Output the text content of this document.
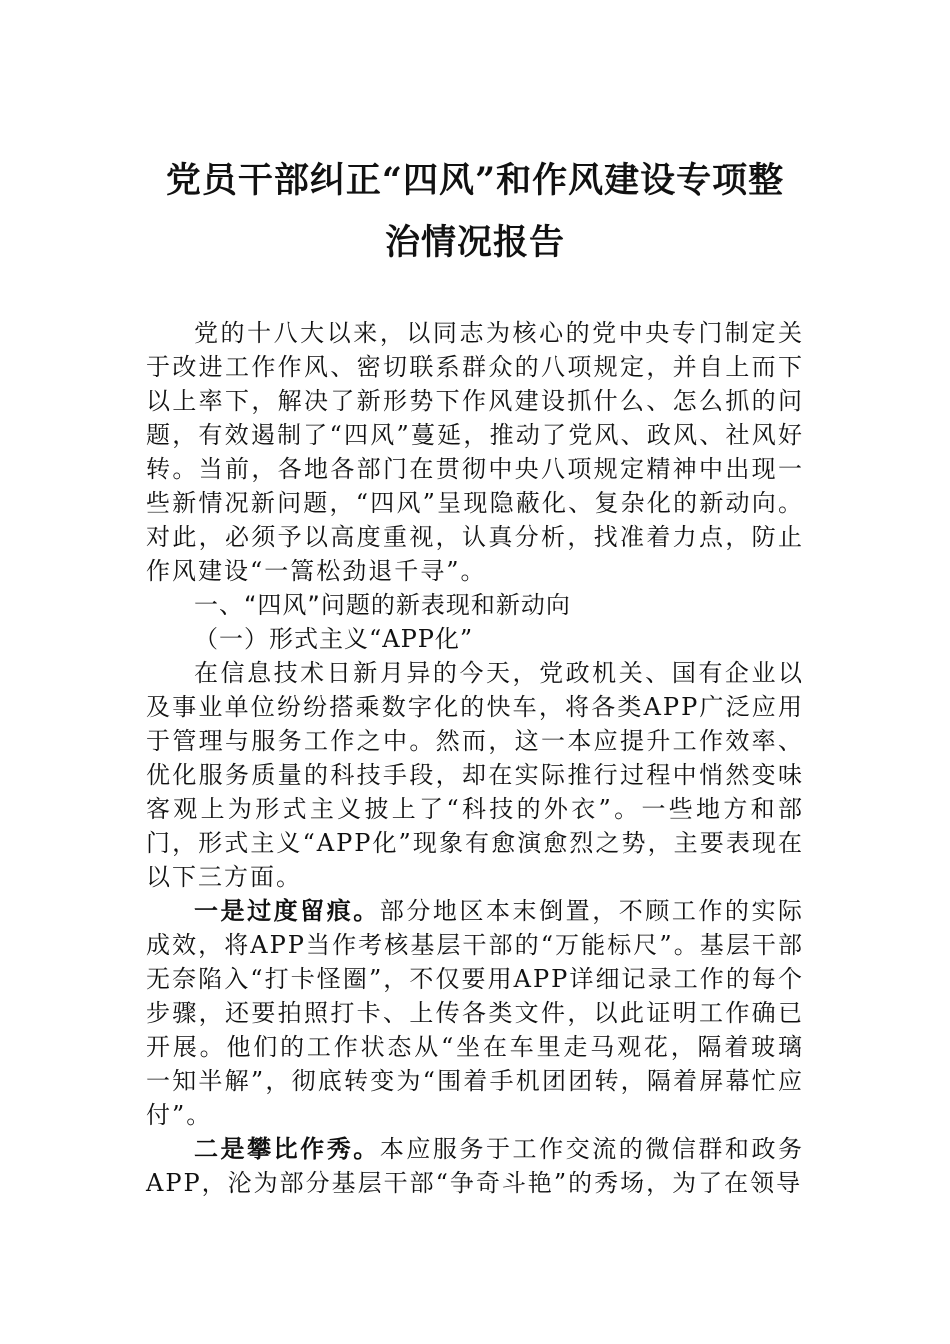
党员干部纠正“四风”和作风建设专项整
治情况报告

党的十八大以来，以同志为核心的党中央专门制定关于改进工作作风、密切联系群众的八项规定，并自上而下以上率下，解决了新形势下作风建设抓什么、怎么抓的问题，有效遏制了“四风”蔓延，推动了党风、政风、社风好转。当前，各地各部门在贯彻中央八项规定精神中出现一些新情况新问题，“四风”呈现隐蔽化、复杂化的新动向。对此，必须予以高度重视，认真分析，找准着力点，防止作风建设“一篙松劲退千寻”。

一、“四风”问题的新表现和新动向

（一）形式主义“APP化”

在信息技术日新月异的今天，党政机关、国有企业以及事业单位纷纷搭乘数字化的快车，将各类APP广泛应用于管理与服务工作之中。然而，这一本应提升工作效率、优化服务质量的科技手段，却在实际推行过程中悄然变味客观上为形式主义披上了“科技的外衣”。一些地方和部门，形式主义“APP化”现象有愈演愈烈之势，主要表现在以下三方面。

一是过度留痕。部分地区本末倒置，不顾工作的实际成效，将APP当作考核基层干部的“万能标尺”。基层干部无奈陷入“打卡怪圈”，不仅要用APP详细记录工作的每个步骤，还要拍照打卡、上传各类文件，以此证明工作确已开展。他们的工作状态从“坐在车里走马观花，隔着玻璃一知半解”，彻底转变为“围着手机团团转，隔着屏幕忙应付”。

二是攀比作秀。本应服务于工作交流的微信群和政务APP，沦为部分基层干部“争奇斗艳”的秀场，为了在领导
